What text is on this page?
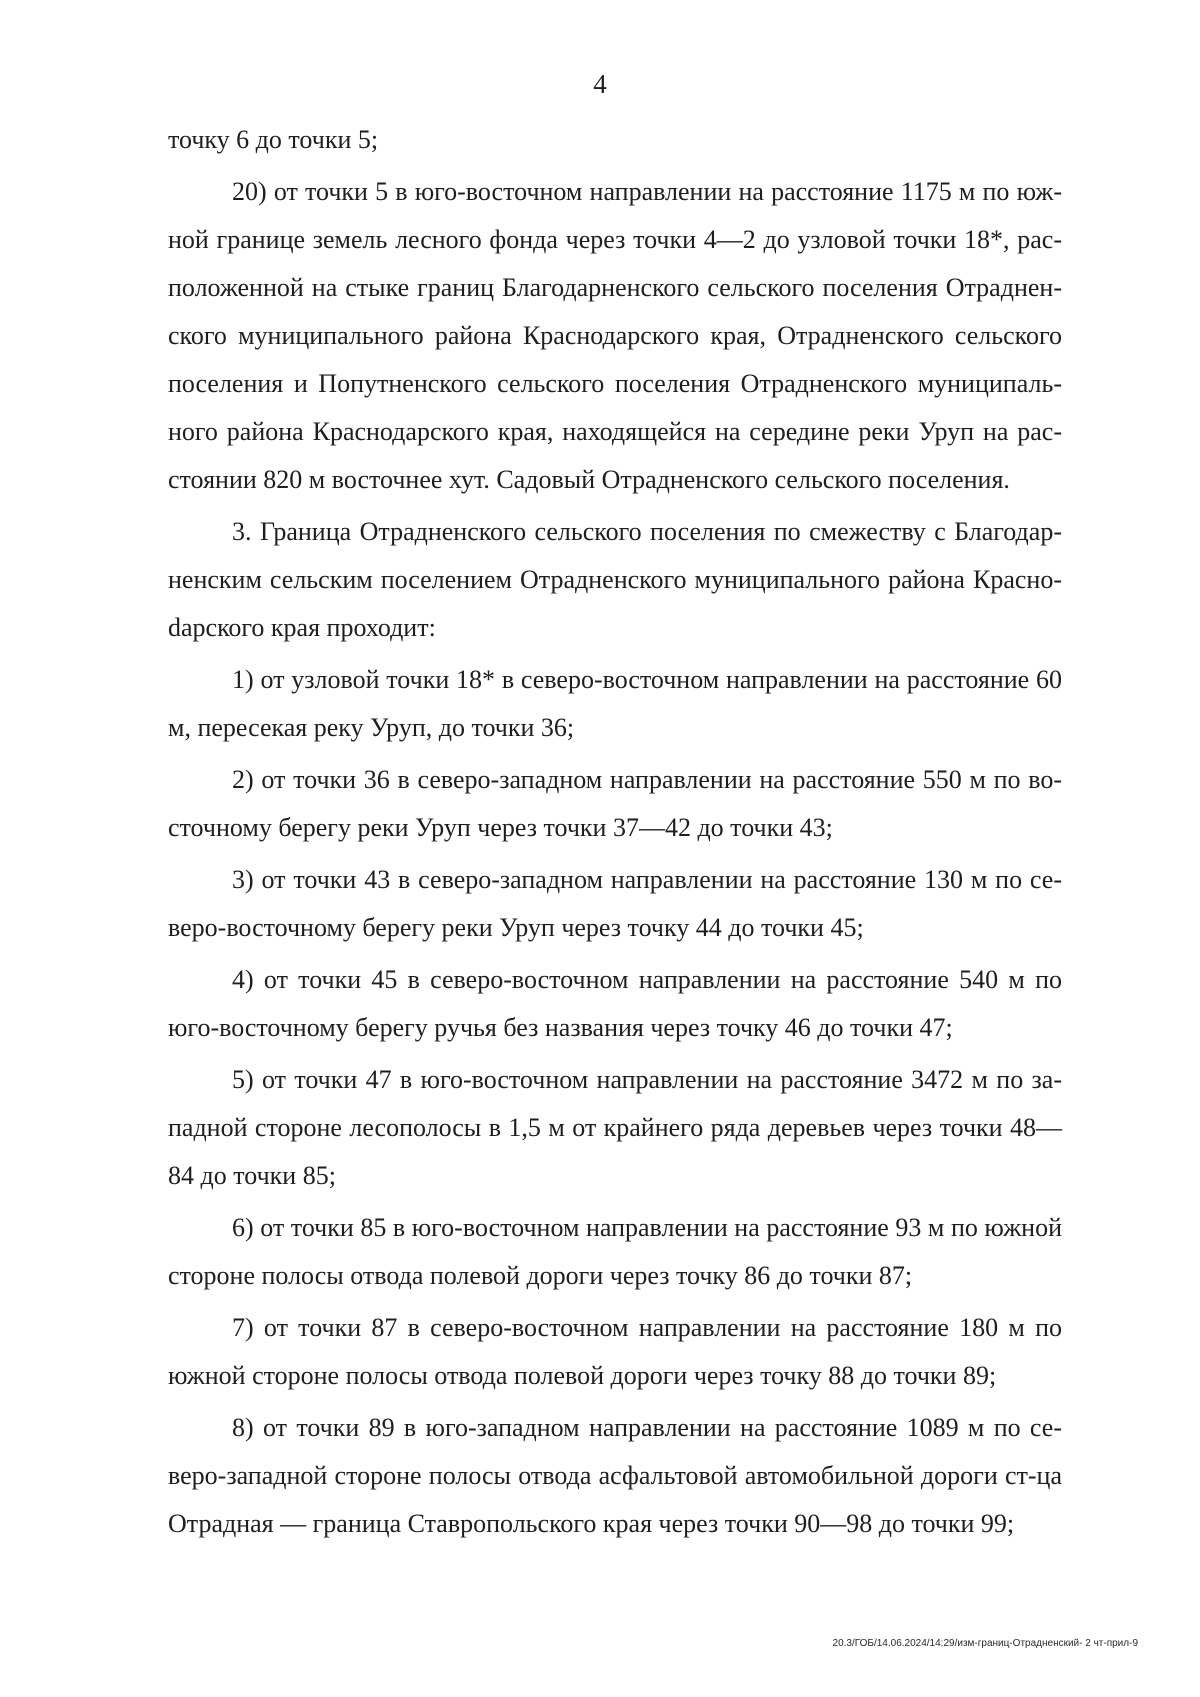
4

точку 6 до точки 5;

20) от точки 5 в юго-восточном направлении на расстояние 1175 м по южной границе земель лесного фонда через точки 4—2 до узловой точки 18*, расположенной на стыке границ Благодарненского сельского поселения Отрадненского муниципального района Краснодарского края, Отрадненского сельского поселения и Попутненского сельского поселения Отрадненского муниципального района Краснодарского края, находящейся на середине реки Уруп на расстоянии 820 м восточнее хут. Садовый Отрадненского сельского поселения.

3. Граница Отрадненского сельского поселения по смежеству с Благодарненским сельским поселением Отрадненского муниципального района Красноdарского края проходит:

1) от узловой точки 18* в северо-восточном направлении на расстояние 60 м, пересекая реку Уруп, до точки 36;

2) от точки 36 в северо-западном направлении на расстояние 550 м по восточному берегу реки Уруп через точки 37—42 до точки 43;

3) от точки 43 в северо-западном направлении на расстояние 130 м по северо-восточному берегу реки Уруп через точку 44 до точки 45;

4) от точки 45 в северо-восточном направлении на расстояние 540 м по юго-восточному берегу ручья без названия через точку 46 до точки 47;

5) от точки 47 в юго-восточном направлении на расстояние 3472 м по западной стороне лесополосы в 1,5 м от крайнего ряда деревьев через точки 48—84 до точки 85;

6) от точки 85 в юго-восточном направлении на расстояние 93 м по южной стороне полосы отвода полевой дороги через точку 86 до точки 87;

7) от точки 87 в северо-восточном направлении на расстояние 180 м по южной стороне полосы отвода полевой дороги через точку 88 до точки 89;

8) от точки 89 в юго-западном направлении на расстояние 1089 м по северо-западной стороне полосы отвода асфальтовой автомобильной дороги ст-ца Отрадная — граница Ставропольского края через точки 90—98 до точки 99;

20.3/ГОБ/14.06.2024/14:29/изм-границ-Отрадненский- 2 чт-прил-9
